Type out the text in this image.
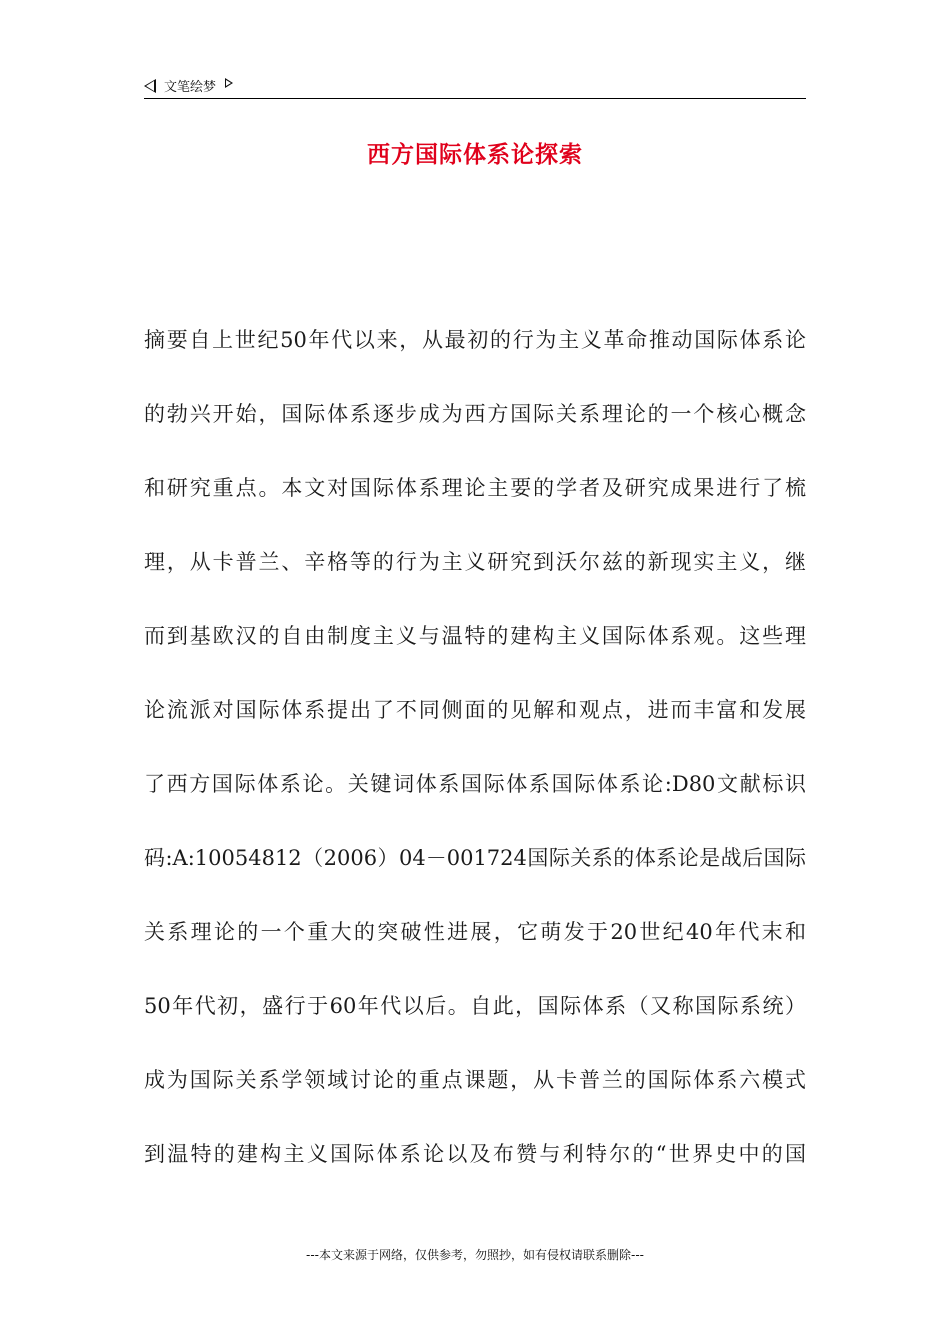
文笔绘梦
西方国际体系论探索
摘要自上世纪50年代以来，从最初的行为主义革命推动国际体系论
的勃兴开始，国际体系逐步成为西方国际关系理论的一个核心概念
和研究重点。本文对国际体系理论主要的学者及研究成果进行了梳
理，从卡普兰、辛格等的行为主义研究到沃尔兹的新现实主义，继
而到基欧汉的自由制度主义与温特的建构主义国际体系观。这些理
论流派对国际体系提出了不同侧面的见解和观点，进而丰富和发展
了西方国际体系论。关键词体系国际体系国际体系论:D80文献标识
码:A:10054812（2006）04－001724国际关系的体系论是战后国际
关系理论的一个重大的突破性进展，它萌发于20世纪40年代末和
50年代初，盛行于60年代以后。自此，国际体系（又称国际系统）
成为国际关系学领域讨论的重点课题，从卡普兰的国际体系六模式
到温特的建构主义国际体系论以及布赞与利特尔的“世界史中的国
---本文来源于网络，仅供参考，勿照抄，如有侵权请联系删除---
